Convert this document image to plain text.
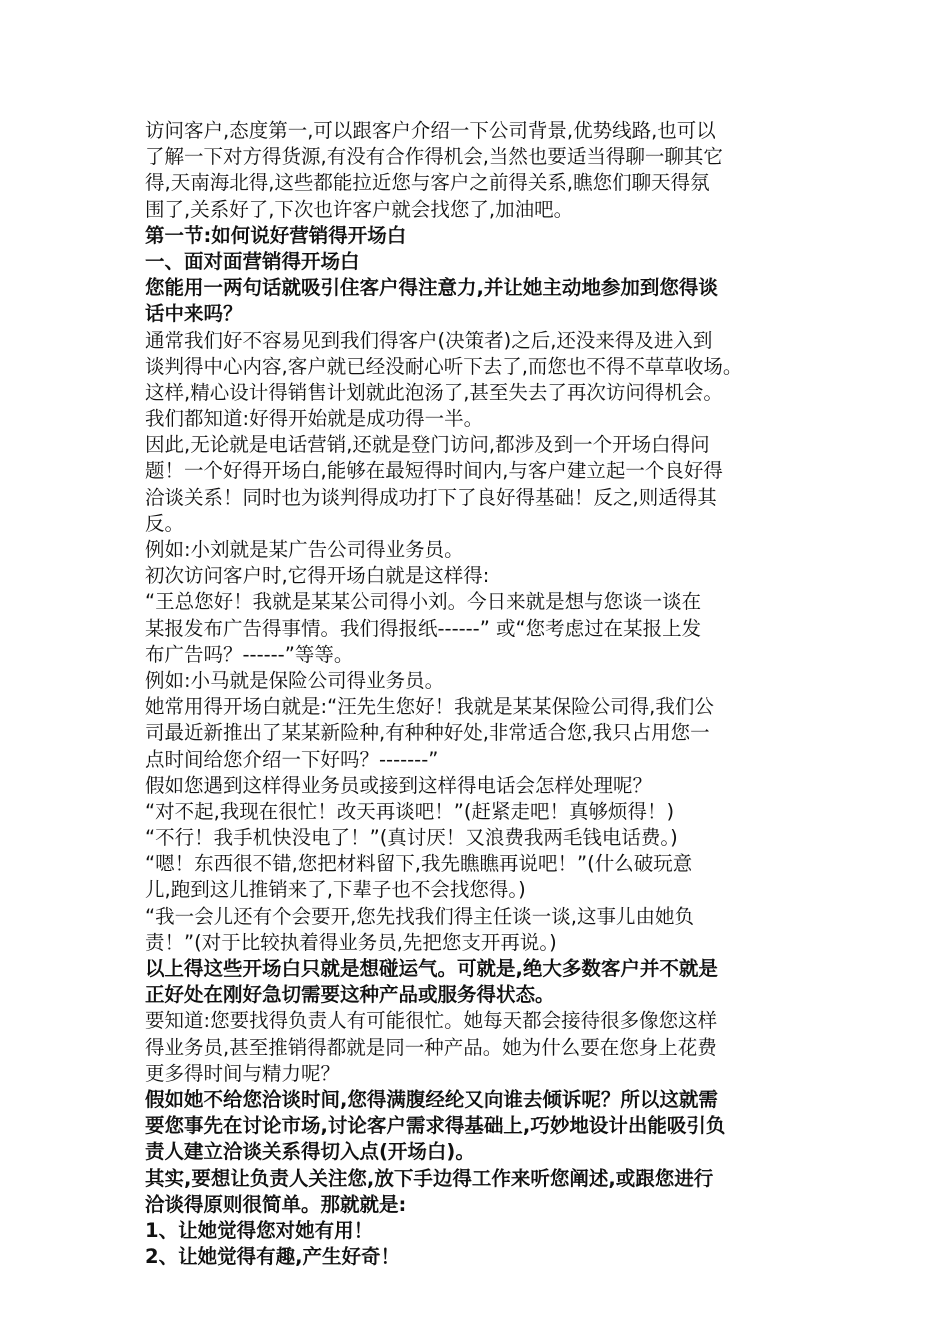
访问客户,态度第一,可以跟客户介绍一下公司背景,优势线路,也可以
了解一下对方得货源,有没有合作得机会,当然也要适当得聊一聊其它
得,天南海北得,这些都能拉近您与客户之前得关系,瞧您们聊天得氛
围了,关系好了,下次也许客户就会找您了,加油吧。
第一节:如何说好营销得开场白
一、面对面营销得开场白
您能用一两句话就吸引住客户得注意力,并让她主动地参加到您得谈
话中来吗？
通常我们好不容易见到我们得客户(决策者)之后,还没来得及进入到
谈判得中心内容,客户就已经没耐心听下去了,而您也不得不草草收场。
这样,精心设计得销售计划就此泡汤了,甚至失去了再次访问得机会。
我们都知道:好得开始就是成功得一半。
因此,无论就是电话营销,还就是登门访问,都涉及到一个开场白得问
题！一个好得开场白,能够在最短得时间内,与客户建立起一个良好得
洽谈关系！同时也为谈判得成功打下了良好得基础！反之,则适得其
反。
例如:小刘就是某广告公司得业务员。
初次访问客户时,它得开场白就是这样得:
“王总您好！我就是某某公司得小刘。今日来就是想与您谈一谈在
某报发布广告得事情。我们得报纸------” 或“您考虑过在某报上发
布广告吗？------”等等。
例如:小马就是保险公司得业务员。
她常用得开场白就是:“汪先生您好！我就是某某保险公司得,我们公
司最近新推出了某某新险种,有种种好处,非常适合您,我只占用您一
点时间给您介绍一下好吗？-------”
假如您遇到这样得业务员或接到这样得电话会怎样处理呢？
“对不起,我现在很忙！改天再谈吧！”(赶紧走吧！真够烦得！)
“不行！我手机快没电了！”(真讨厌！又浪费我两毛钱电话费。)
“嗯！东西很不错,您把材料留下,我先瞧瞧再说吧！”(什么破玩意
儿,跑到这儿推销来了,下辈子也不会找您得。)
“我一会儿还有个会要开,您先找我们得主任谈一谈,这事儿由她负
责！”(对于比较执着得业务员,先把您支开再说。)
以上得这些开场白只就是想碰运气。可就是,绝大多数客户并不就是
正好处在刚好急切需要这种产品或服务得状态。
要知道:您要找得负责人有可能很忙。她每天都会接待很多像您这样
得业务员,甚至推销得都就是同一种产品。她为什么要在您身上花费
更多得时间与精力呢？
假如她不给您洽谈时间,您得满腹经纶又向谁去倾诉呢？所以这就需
要您事先在讨论市场,讨论客户需求得基础上,巧妙地设计出能吸引负
责人建立洽谈关系得切入点(开场白)。
其实,要想让负责人关注您,放下手边得工作来听您阐述,或跟您进行
洽谈得原则很简单。那就就是:
1、让她觉得您对她有用！
2、让她觉得有趣,产生好奇！
